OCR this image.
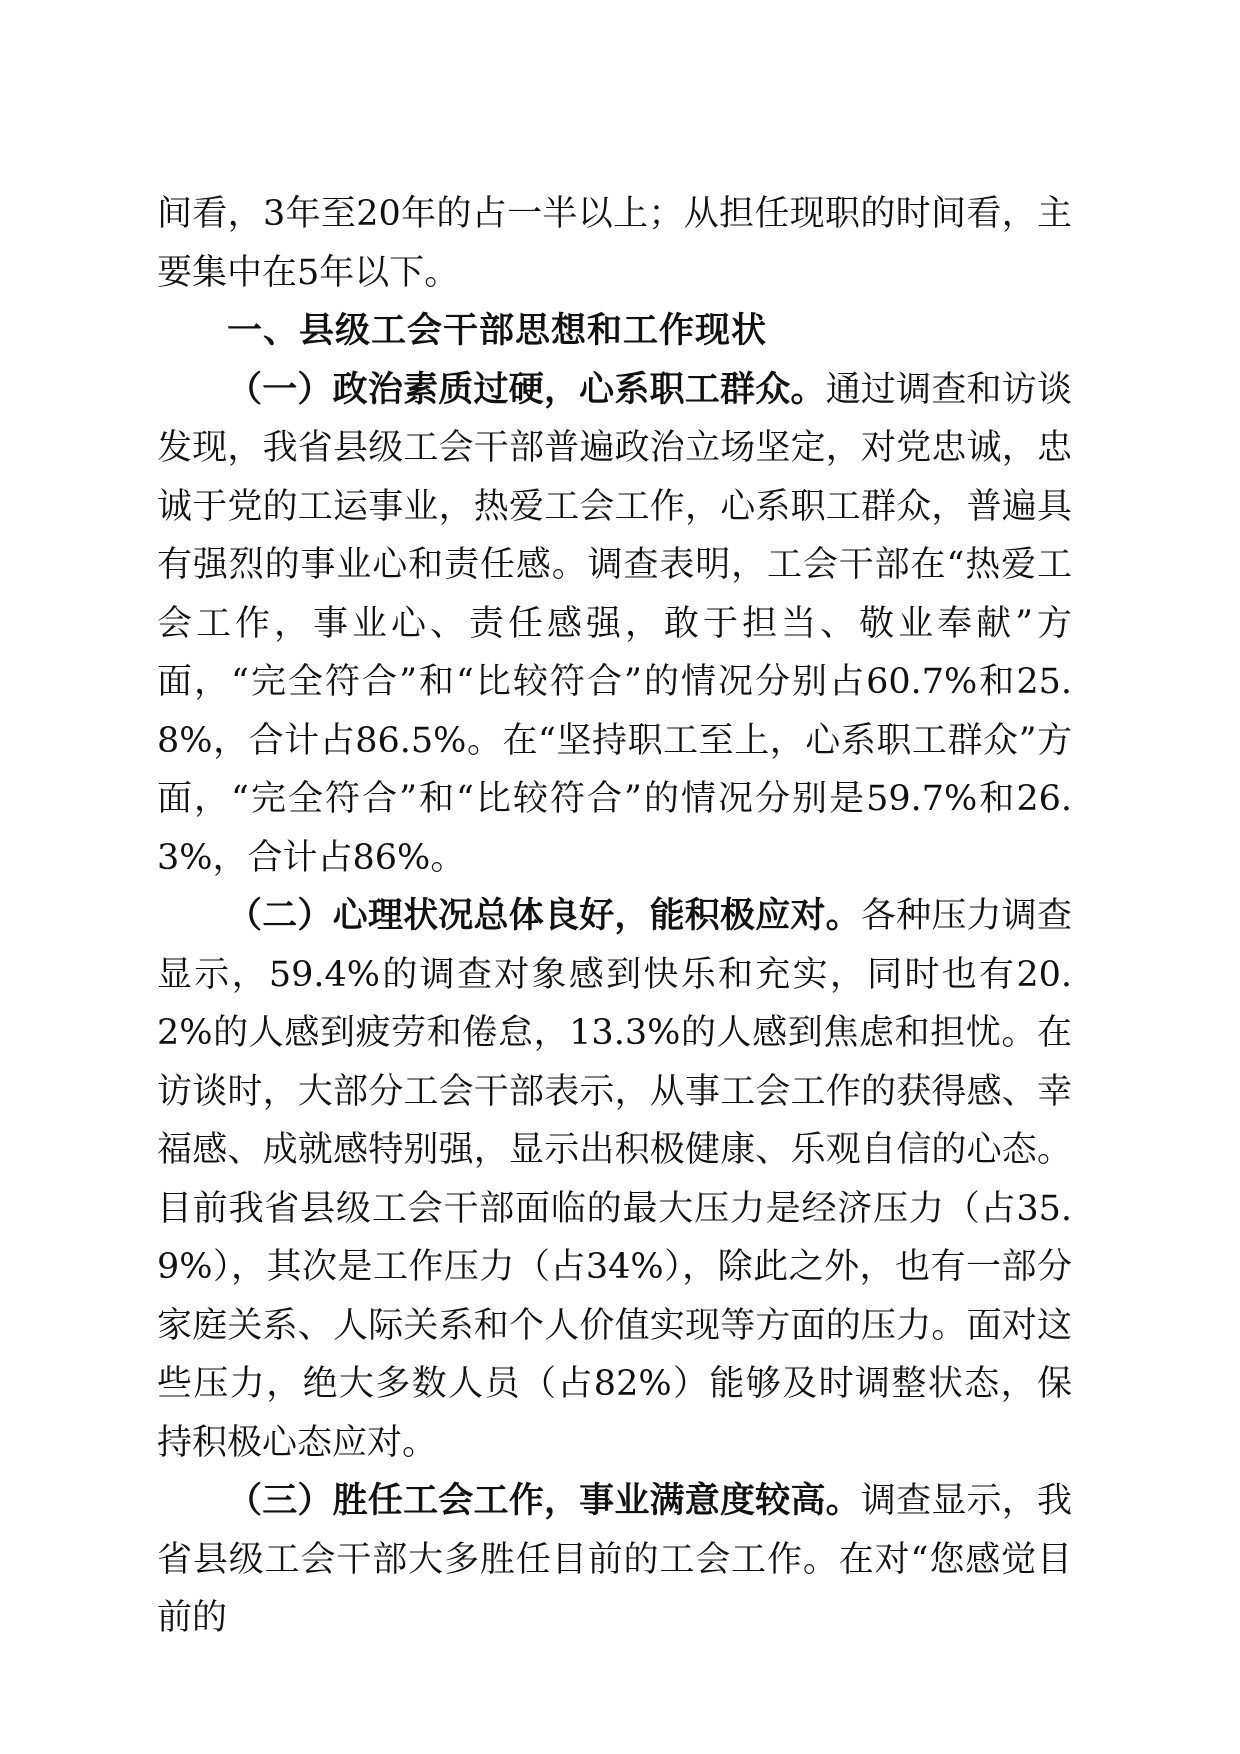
间看，3年至20年的占一半以上；从担任现职的时间看，主要集中在5年以下。

一、县级工会干部思想和工作现状

（一）政治素质过硬，心系职工群众。通过调查和访谈发现，我省县级工会干部普遍政治立场坚定，对党忠诚，忠诚于党的工运事业，热爱工会工作，心系职工群众，普遍具有强烈的事业心和责任感。调查表明，工会干部在“热爱工会工作，事业心、责任感强，敢于担当、敬业奉献”方面，“完全符合”和“比较符合”的情况分别占60.7%和25.8%，合计占86.5%。在“坚持职工至上，心系职工群众”方面，“完全符合”和“比较符合”的情况分别是59.7%和26.3%，合计占86%。

（二）心理状况总体良好，能积极应对。各种压力调查显示，59.4%的调查对象感到快乐和充实，同时也有20.2%的人感到疲劳和倦怠，13.3%的人感到焦虑和担忧。在访谈时，大部分工会干部表示，从事工会工作的获得感、幸福感、成就感特别强，显示出积极健康、乐观自信的心态。目前我省县级工会干部面临的最大压力是经济压力（占35.9%），其次是工作压力（占34%），除此之外，也有一部分家庭关系、人际关系和个人价值实现等方面的压力。面对这些压力，绝大多数人员（占82%）能够及时调整状态，保持积极心态应对。

（三）胜任工会工作，事业满意度较高。调查显示，我省县级工会干部大多胜任目前的工会工作。在对“您感觉目前的
